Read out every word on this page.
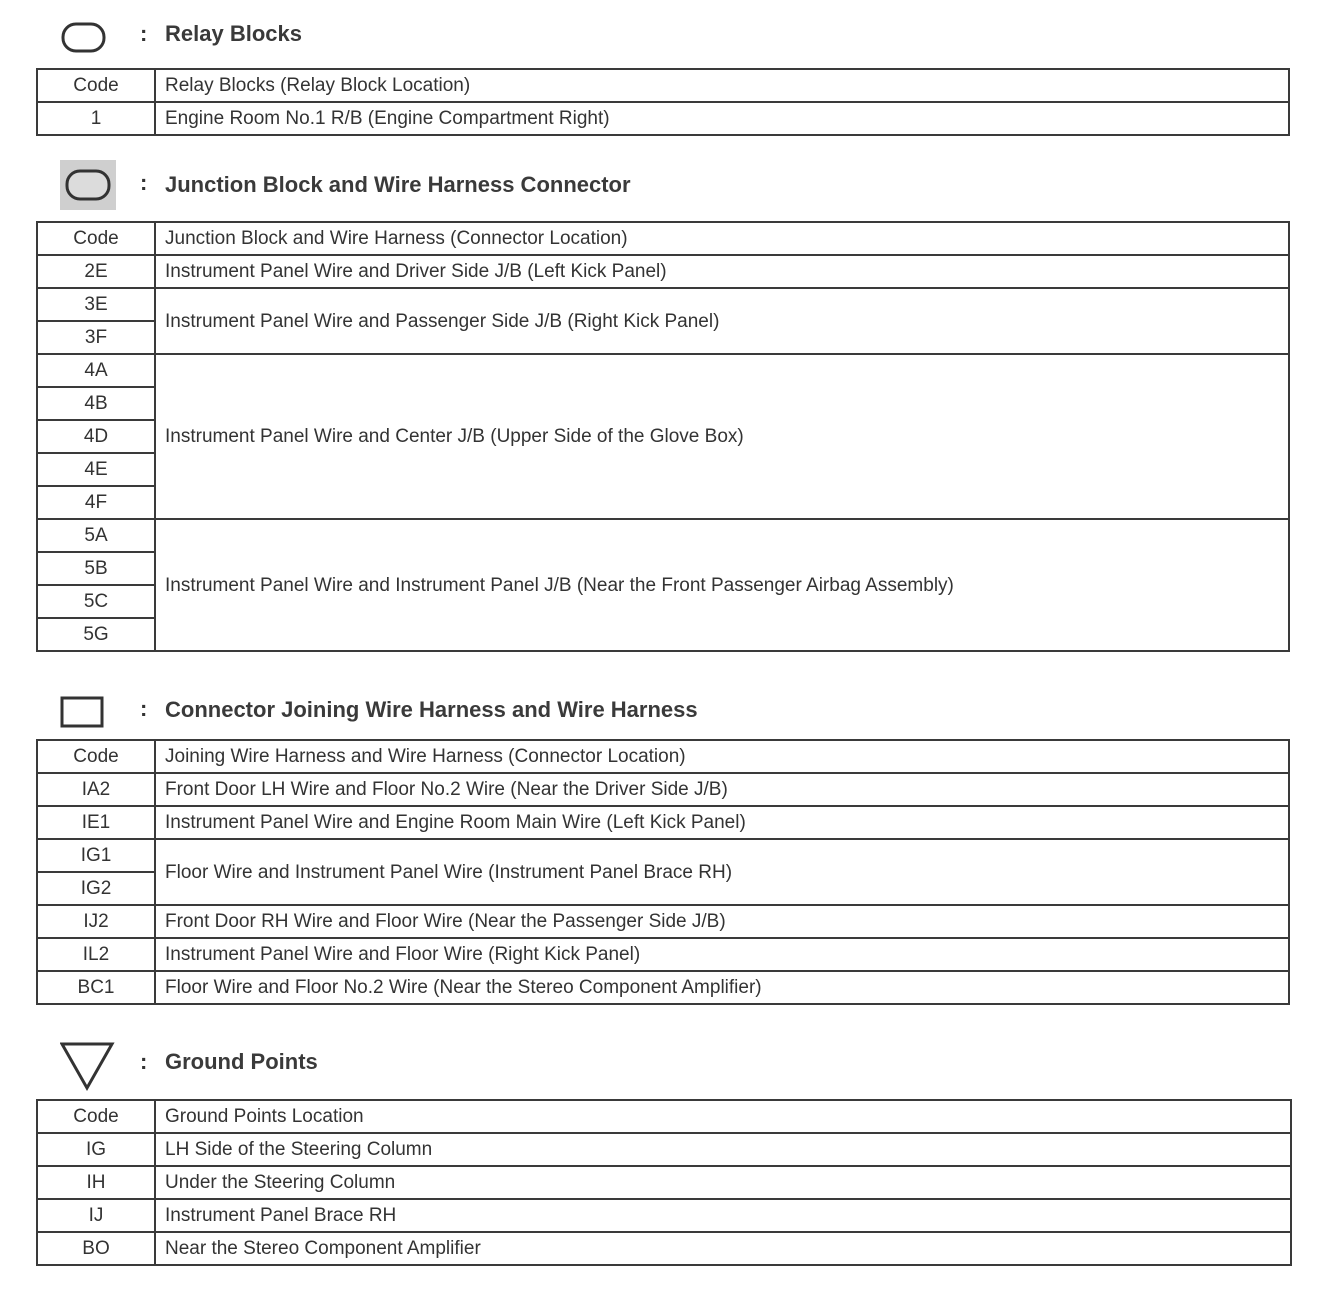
: Relay Blocks
Code	Relay Blocks (Relay Block Location)
1	Engine Room No.1 R/B (Engine Compartment Right)
: Junction Block and Wire Harness Connector
Code	Junction Block and Wire Harness (Connector Location)
2E	Instrument Panel Wire and Driver Side J/B (Left Kick Panel)
3E	Instrument Panel Wire and Passenger Side J/B (Right Kick Panel)
3F	
4A	Instrument Panel Wire and Center J/B (Upper Side of the Glove Box)
4B	
4D	
4E	
4F	
5A	Instrument Panel Wire and Instrument Panel J/B (Near the Front Passenger Airbag Assembly)
5B	
5C	
5G	
: Connector Joining Wire Harness and Wire Harness
Code	Joining Wire Harness and Wire Harness (Connector Location)
IA2	Front Door LH Wire and Floor No.2 Wire (Near the Driver Side J/B)
IE1	Instrument Panel Wire and Engine Room Main Wire (Left Kick Panel)
IG1	Floor Wire and Instrument Panel Wire (Instrument Panel Brace RH)
IG2	
IJ2	Front Door RH Wire and Floor Wire (Near the Passenger Side J/B)
IL2	Instrument Panel Wire and Floor Wire (Right Kick Panel)
BC1	Floor Wire and Floor No.2 Wire (Near the Stereo Component Amplifier)
: Ground Points
Code	Ground Points Location
IG	LH Side of the Steering Column
IH	Under the Steering Column
IJ	Instrument Panel Brace RH
BO	Near the Stereo Component Amplifier
